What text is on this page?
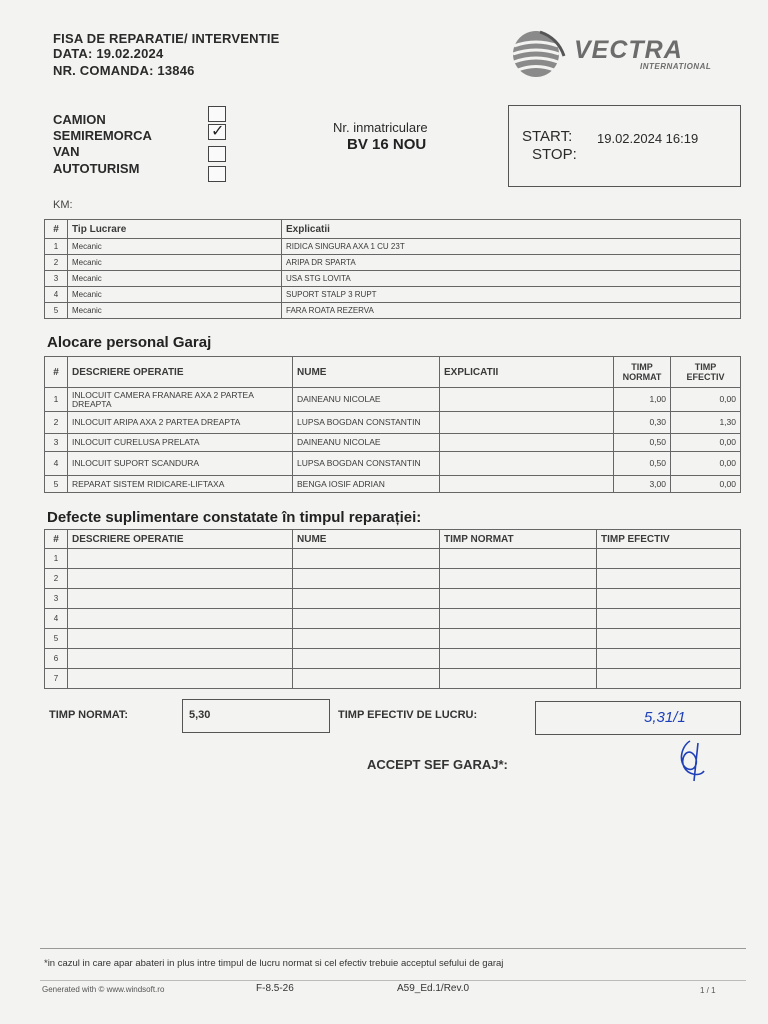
FISA DE REPARATIE/ INTERVENTIE
DATA: 19.02.2024
NR. COMANDA: 13846
VECTRA
INTERNATIONAL
CAMION
SEMIREMORCA
VAN
AUTOTURISM
✓	Nr. inmatriculare
BV 16 NOU	START: 19.02.2024 16:19
STOP:
KM:
#	Tip Lucrare	Explicatii
1	Mecanic	RIDICA SINGURA AXA 1 CU 23T
2	Mecanic	ARIPA DR SPARTA
3	Mecanic	USA STG LOVITA
4	Mecanic	SUPORT STALP 3 RUPT
5	Mecanic	FARA ROATA REZERVA
Alocare personal Garaj
#	DESCRIERE OPERATIE	NUME	EXPLICATII	TIMP NORMAT	TIMP EFECTIV
1	INLOCUIT CAMERA FRANARE AXA 2 PARTEA DREAPTA	DAINEANU NICOLAE		1,00	0,00
2	INLOCUIT ARIPA AXA 2 PARTEA DREAPTA	LUPSA BOGDAN CONSTANTIN		0,30	1,30
3	INLOCUIT CURELUSA PRELATA	DAINEANU NICOLAE		0,50	0,00
4	INLOCUIT SUPORT SCANDURA	LUPSA BOGDAN CONSTANTIN		0,50	0,00
5	REPARAT SISTEM RIDICARE-LIFTAXA	BENGA IOSIF ADRIAN		3,00	0,00
Defecte suplimentare constatate în timpul reparației:
#	DESCRIERE OPERATIE	NUME	TIMP NORMAT	TIMP EFECTIV
1				
2				
3				
4				
5				
6				
7				
TIMP NORMAT:	5,30	TIMP EFECTIV DE LUCRU:	5,31/1
ACCEPT SEF GARAJ*:
*in cazul in care apar abateri in plus intre timpul de lucru normat si cel efectiv trebuie acceptul sefului de garaj
Generated with © www.windsoft.ro	F-8.5-26	A59_Ed.1/Rev.0	1 / 1
